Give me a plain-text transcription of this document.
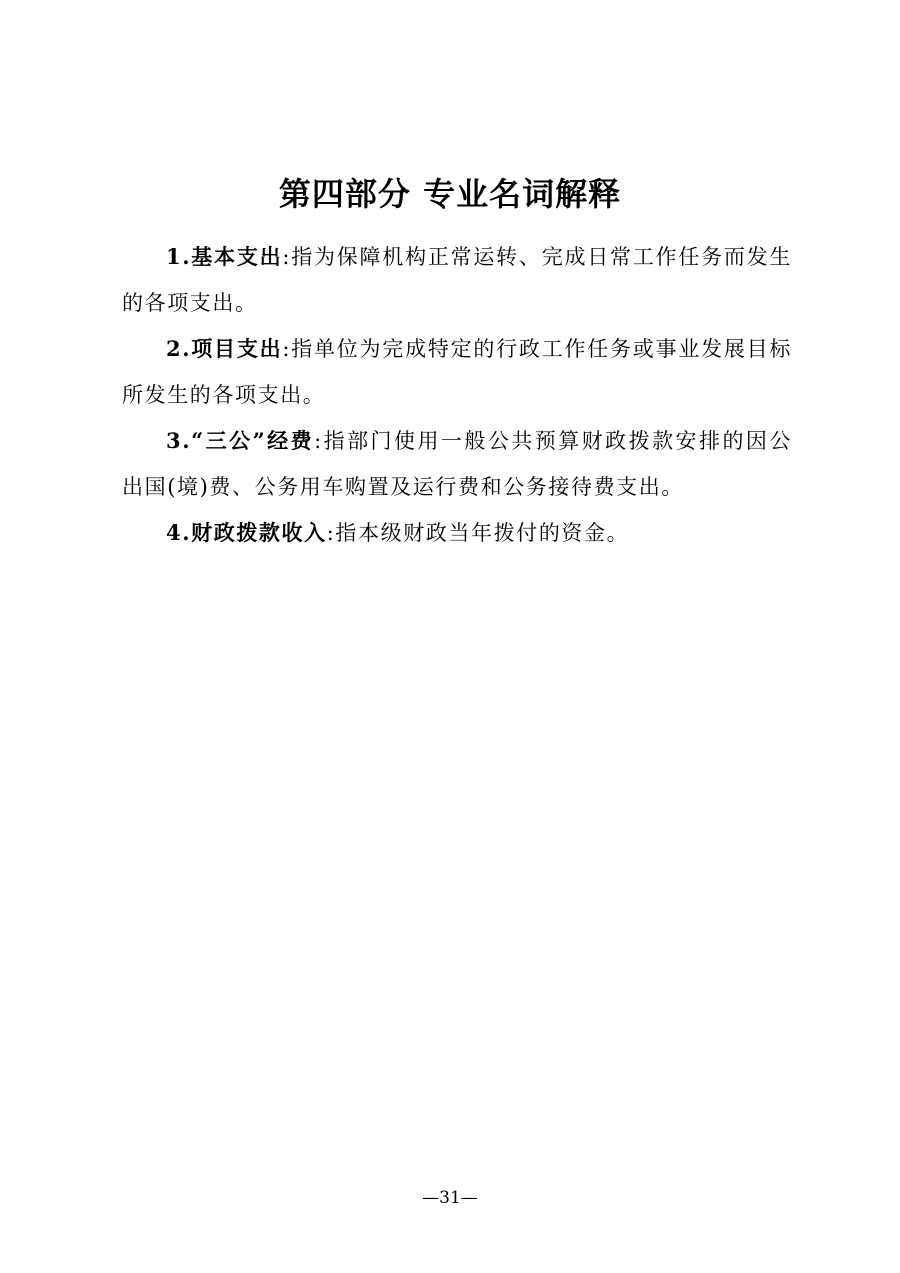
第四部分 专业名词解释

1.基本支出:指为保障机构正常运转、完成日常工作任务而发生的各项支出。

2.项目支出:指单位为完成特定的行政工作任务或事业发展目标所发生的各项支出。

3.“三公”经费:指部门使用一般公共预算财政拨款安排的因公出国(境)费、公务用车购置及运行费和公务接待费支出。

4.财政拨款收入:指本级财政当年拨付的资金。

—31—
